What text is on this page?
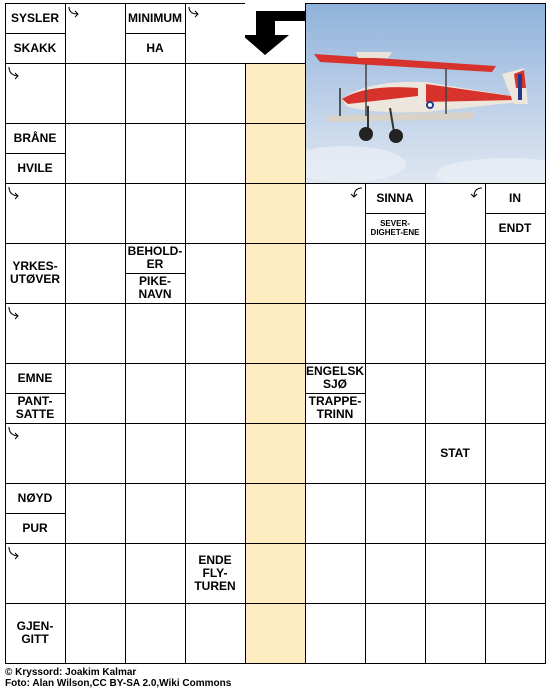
SYSLER
SKAKK
MINIMUM
HA
BRÅNE
HVILE
SINNA
SEVER-DIGHET-ENE
IN
ENDT
BEHOLD-ER
PIKE-NAVN
EMNE
PANT-SATTE
ENGELSK SJØ
TRAPPE-TRINN
NØYD
PUR
YRKES-UTØVER
STAT
ENDE FLY-TUREN
GJEN-GITT
© Kryssord: Joakim Kalmar
Foto: Alan Wilson,CC BY-SA 2.0,Wiki Commons
